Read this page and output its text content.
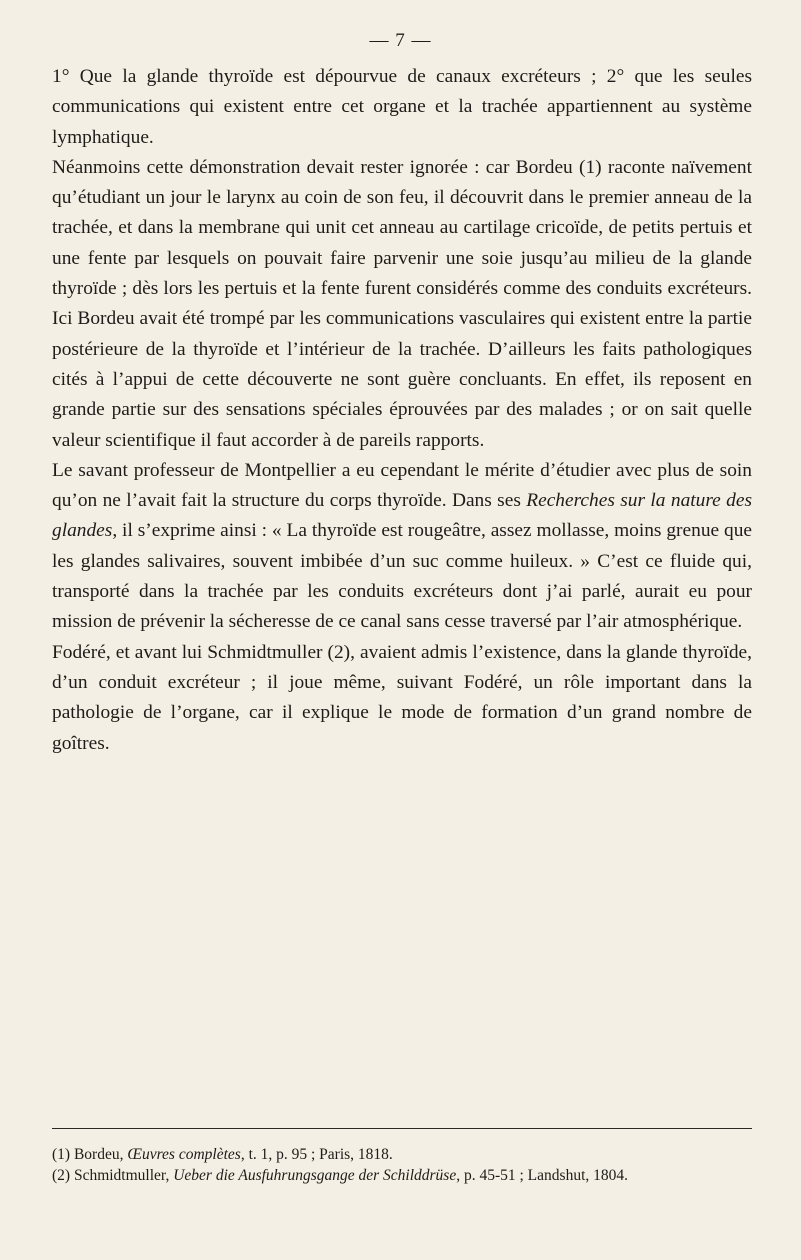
— 7 —

1° Que la glande thyroïde est dépourvue de canaux excréteurs ; 2° que les seules communications qui existent entre cet organe et la trachée appartiennent au système lymphatique.

Néanmoins cette démonstration devait rester ignorée : car Bordeu (1) raconte naïvement qu’étudiant un jour le larynx au coin de son feu, il découvrit dans le premier anneau de la trachée, et dans la membrane qui unit cet anneau au cartilage cricoïde, de petits pertuis et une fente par lesquels on pouvait faire parvenir une soie jusqu’au milieu de la glande thyroïde ; dès lors les pertuis et la fente furent considérés comme des conduits excréteurs. Ici Bordeu avait été trompé par les communications vasculaires qui existent entre la partie postérieure de la thyroïde et l’intérieur de la trachée. D’ailleurs les faits pathologiques cités à l’appui de cette découverte ne sont guère concluants. En effet, ils reposent en grande partie sur des sensations spéciales éprouvées par des malades ; or on sait quelle valeur scientifique il faut accorder à de pareils rapports.

Le savant professeur de Montpellier a eu cependant le mérite d’étudier avec plus de soin qu’on ne l’avait fait la structure du corps thyroïde. Dans ses Recherches sur la nature des glandes, il s’exprime ainsi : « La thyroïde est rougeâtre, assez mollasse, moins grenue que les glandes salivaires, souvent imbibée d’un suc comme huileux. » C’est ce fluide qui, transporté dans la trachée par les conduits excréteurs dont j’ai parlé, aurait eu pour mission de prévenir la sécheresse de ce canal sans cesse traversé par l’air atmosphérique.

Fodéré, et avant lui Schmidtmuller (2), avaient admis l’existence, dans la glande thyroïde, d’un conduit excréteur ; il joue même, suivant Fodéré, un rôle important dans la pathologie de l’organe, car il explique le mode de formation d’un grand nombre de goîtres.

(1) Bordeu, Œuvres complètes, t. 1, p. 95 ; Paris, 1818.

(2) Schmidtmuller, Ueber die Ausfuhrungsgange der Schilddrüse, p. 45-51 ; Landshut, 1804.
